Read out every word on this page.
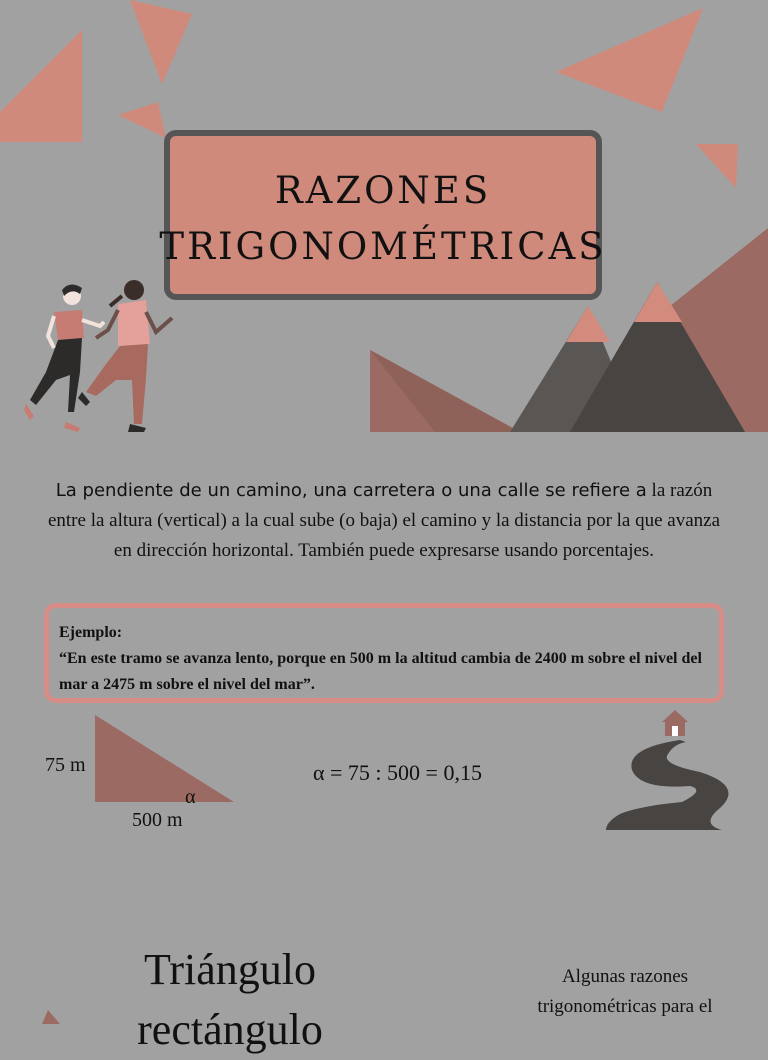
RAZONES TRIGONOMÉTRICAS

La pendiente de un camino, una carretera o una calle se refiere a la razón entre la altura (vertical) a la cual sube (o baja) el camino y la distancia por la que avanza en dirección horizontal. También puede expresarse usando porcentajes.

Ejemplo:

“En este tramo se avanza lento, porque en 500 m la altitud cambia de 2400 m sobre el nivel del mar a 2475 m sobre el nivel del mar”.

75 m
α
500 m
α = 75 : 500 = 0,15
Triángulo rectángulo

Algunas razones trigonométricas para el
